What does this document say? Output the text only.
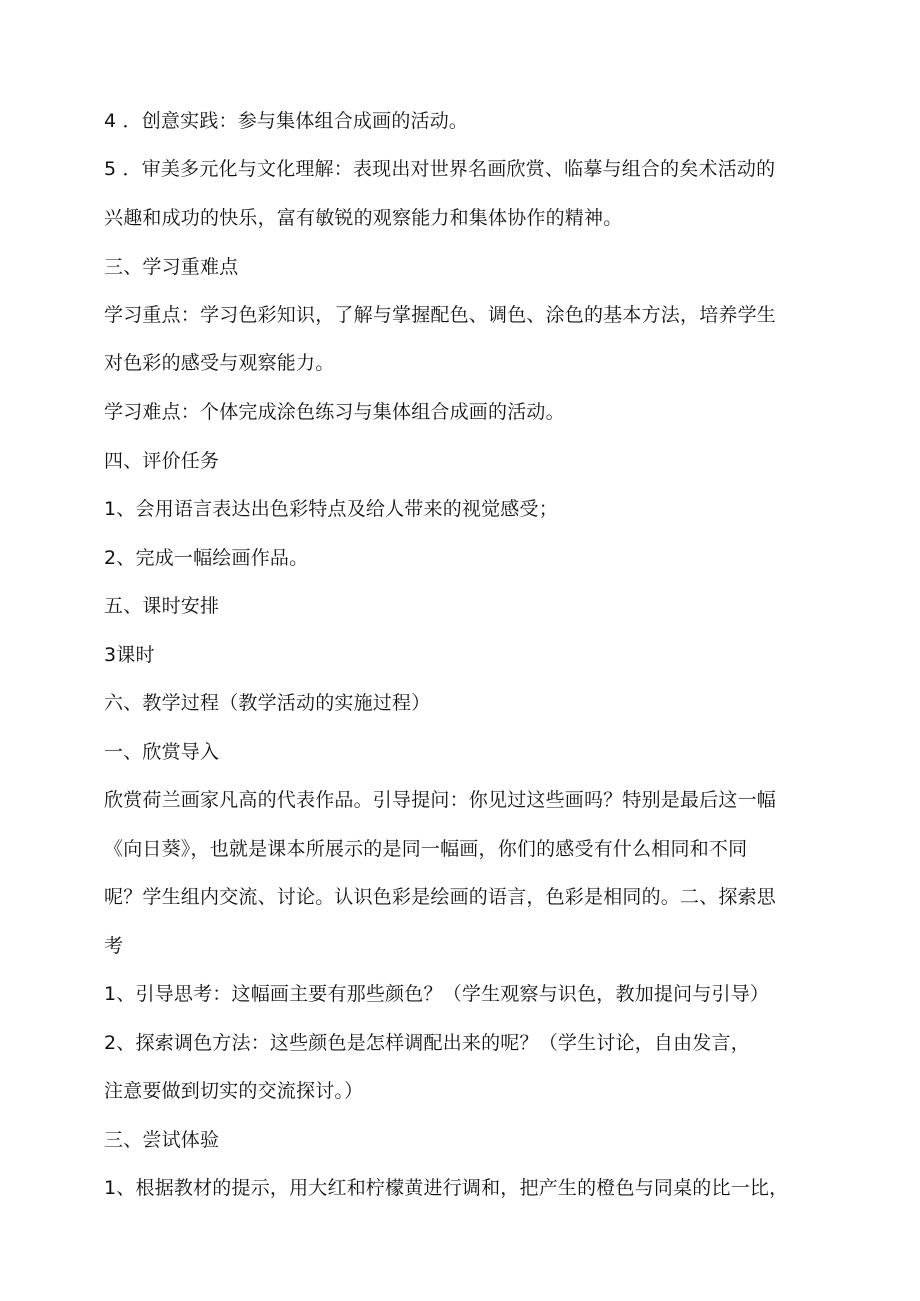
4 ．创意实践：参与集体组合成画的活动。
5 ．审美多元化与文化理解：表现出对世界名画欣赏、临摹与组合的矣术活动的
兴趣和成功的快乐，富有敏锐的观察能力和集体协作的精神。
三、学习重难点
学习重点：学习色彩知识，了解与掌握配色、调色、涂色的基本方法，培养学生
对色彩的感受与观察能力。
学习难点：个体完成涂色练习与集体组合成画的活动。
四、评价任务
1、会用语言表达出色彩特点及给人带来的视觉感受；
2、完成一幅绘画作品。
五、课时安排
3课时
六、教学过程（教学活动的实施过程）
一、欣赏导入
欣赏荷兰画家凡高的代表作品。引导提问：你见过这些画吗？特别是最后这一幅
《向日葵》，也就是课本所展示的是同一幅画，你们的感受有什么相同和不同
呢？学生组内交流、讨论。认识色彩是绘画的语言，色彩是相同的。二、探索思
考
1、引导思考：这幅画主要有那些颜色？（学生观察与识色，教加提问与引导）
2、探索调色方法：这些颜色是怎样调配出来的呢？（学生讨论，自由发言，
注意要做到切实的交流探讨。）
三、尝试体验
1、根据教材的提示，用大红和柠檬黄进行调和，把产生的橙色与同桌的比一比，
